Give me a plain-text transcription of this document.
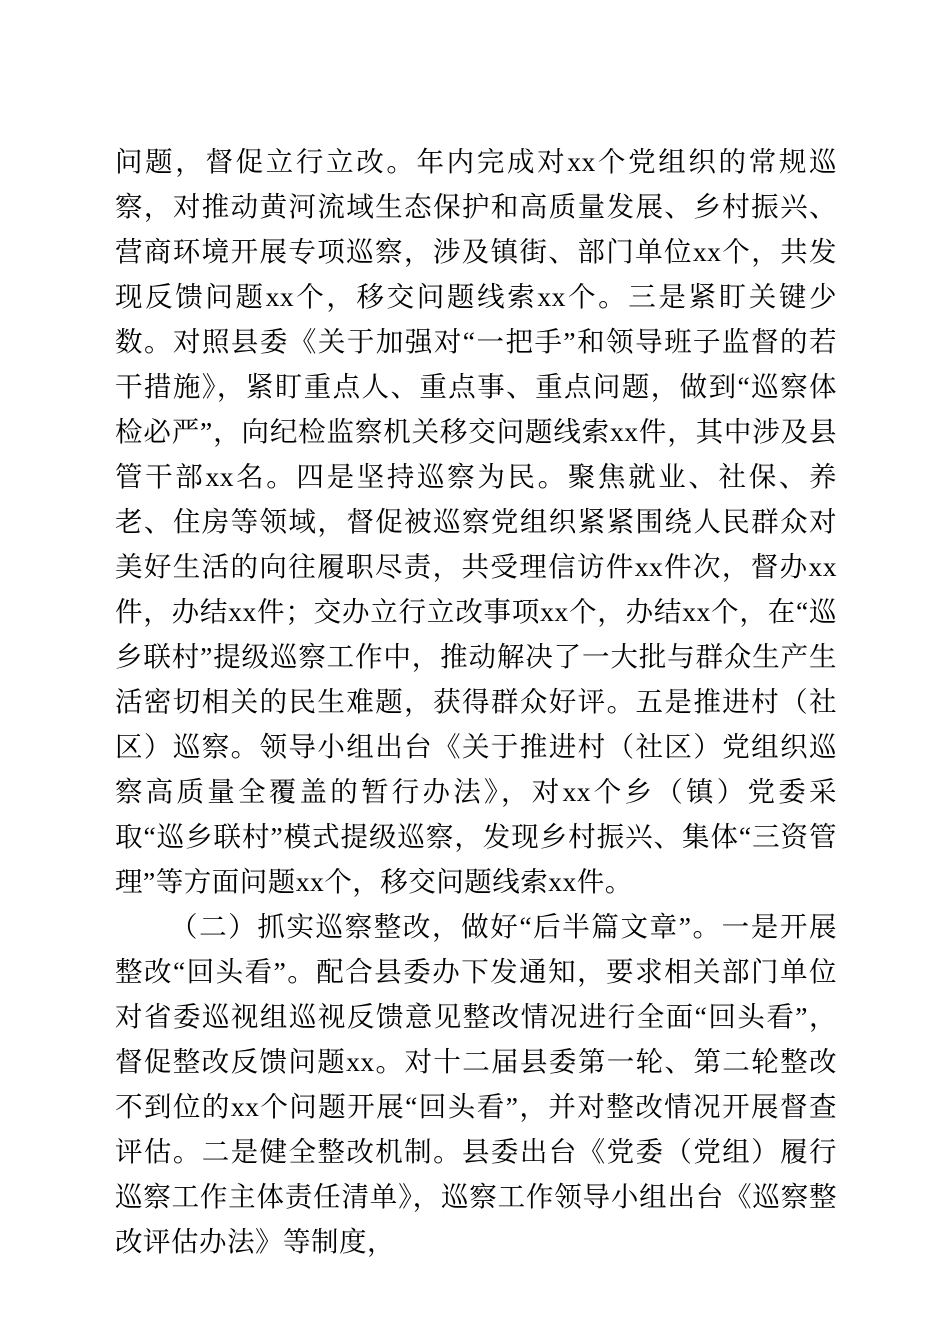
问题，督促立行立改。年内完成对xx个党组织的常规巡察，对推动黄河流域生态保护和高质量发展、乡村振兴、营商环境开展专项巡察，涉及镇街、部门单位xx个，共发现反馈问题xx个，移交问题线索xx个。三是紧盯关键少数。对照县委《关于加强对“一把手”和领导班子监督的若干措施》，紧盯重点人、重点事、重点问题，做到“巡察体检必严”，向纪检监察机关移交问题线索xx件，其中涉及县管干部xx名。四是坚持巡察为民。聚焦就业、社保、养老、住房等领域，督促被巡察党组织紧紧围绕人民群众对美好生活的向往履职尽责，共受理信访件xx件次，督办xx件，办结xx件；交办立行立改事项xx个，办结xx个，在“巡乡联村”提级巡察工作中，推动解决了一大批与群众生产生活密切相关的民生难题，获得群众好评。五是推进村（社区）巡察。领导小组出台《关于推进村（社区）党组织巡察高质量全覆盖的暂行办法》，对xx个乡（镇）党委采取“巡乡联村”模式提级巡察，发现乡村振兴、集体“三资管理”等方面问题xx个，移交问题线索xx件。

（二）抓实巡察整改，做好“后半篇文章”。一是开展整改“回头看”。配合县委办下发通知，要求相关部门单位对省委巡视组巡视反馈意见整改情况进行全面“回头看”，督促整改反馈问题xx。对十二届县委第一轮、第二轮整改不到位的xx个问题开展“回头看”，并对整改情况开展督查评估。二是健全整改机制。县委出台《党委（党组）履行巡察工作主体责任清单》，巡察工作领导小组出台《巡察整改评估办法》等制度，
